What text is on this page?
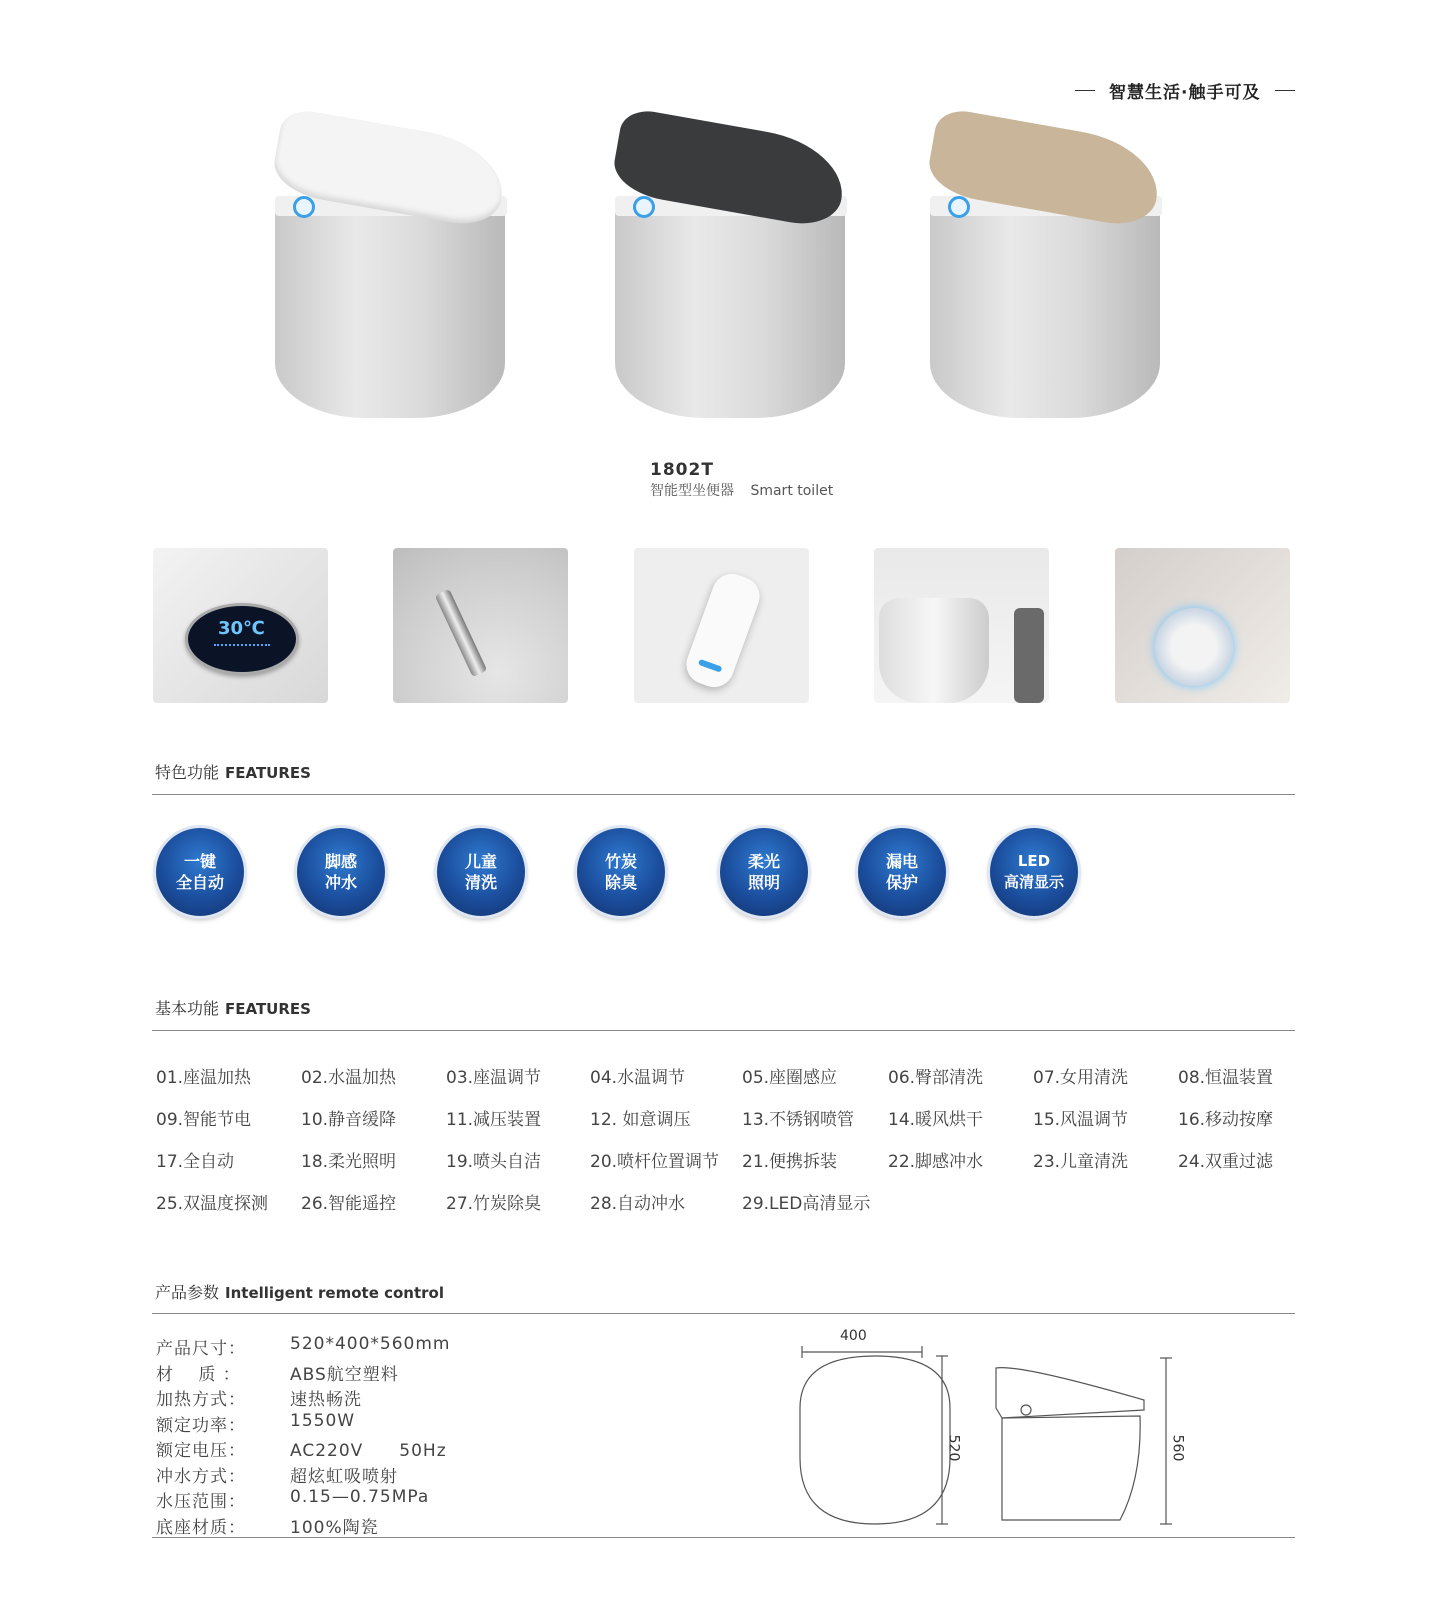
智慧生活·触手可及
1802T
智能型坐便器 Smart toilet
30℃
特色功能 FEATURES
一键
全自动
脚感
冲水
儿童
清洗
竹炭
除臭
柔光
照明
漏电
保护
LED
高清显示
基本功能 FEATURES
01.座温加热	02.水温加热	03.座温调节	04.水温调节	05.座圈感应	06.臀部清洗	07.女用清洗	08.恒温装置
09.智能节电	10.静音缓降	11.减压装置	12. 如意调压	13.不锈钢喷管 14.暖风烘干	15.风温调节	16.移动按摩
17.全自动	18.柔光照明	19.喷头自洁	20.喷杆位置调节 21.便携拆装	22.脚感冲水	23.儿童清洗	24.双重过滤
25.双温度探测 26.智能遥控	27.竹炭除臭	28.自动冲水	29.LED高清显示
产品参数 Intelligent remote control
产品尺寸：	520*400*560mm
材　 质 ：	ABS航空塑料
加热方式：	速热畅洗
额定功率：	1550W
额定电压：	AC220V　　50Hz
冲水方式：	超炫虹吸喷射
水压范围：	0.15—0.75MPa
底座材质：	100%陶瓷
400
520	560
